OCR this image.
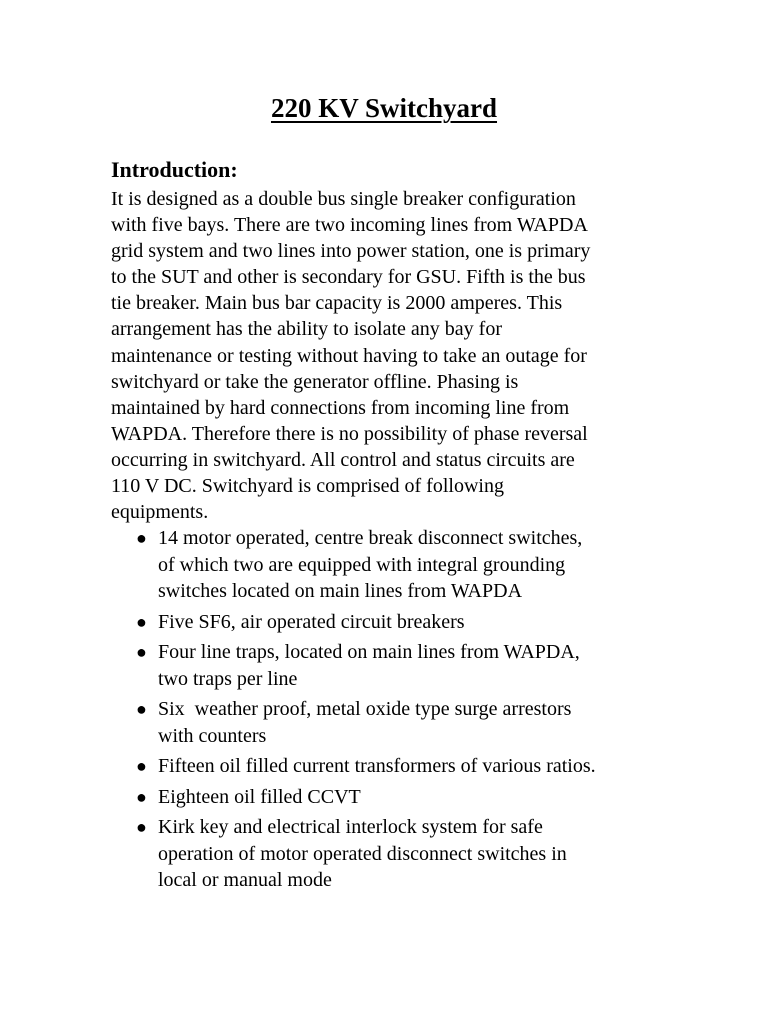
220 KV Switchyard
Introduction:
It is designed as a double bus single breaker configuration
with five bays. There are two incoming lines from WAPDA
grid system and two lines into power station, one is primary
to the SUT and other is secondary for GSU. Fifth is the bus
tie breaker. Main bus bar capacity is 2000 amperes. This
arrangement has the ability to isolate any bay for
maintenance or testing without having to take an outage for
switchyard or take the generator offline. Phasing is
maintained by hard connections from incoming line from
WAPDA. Therefore there is no possibility of phase reversal
occurring in switchyard. All control and status circuits are
110 V DC. Switchyard is comprised of following
equipments.
● 14 motor operated, centre break disconnect switches,
of which two are equipped with integral grounding
switches located on main lines from WAPDA
● Five SF6, air operated circuit breakers
● Four line traps, located on main lines from WAPDA,
two traps per line
● Six  weather proof, metal oxide type surge arrestors
with counters
● Fifteen oil filled current transformers of various ratios.
● Eighteen oil filled CCVT
● Kirk key and electrical interlock system for safe
operation of motor operated disconnect switches in
local or manual mode
